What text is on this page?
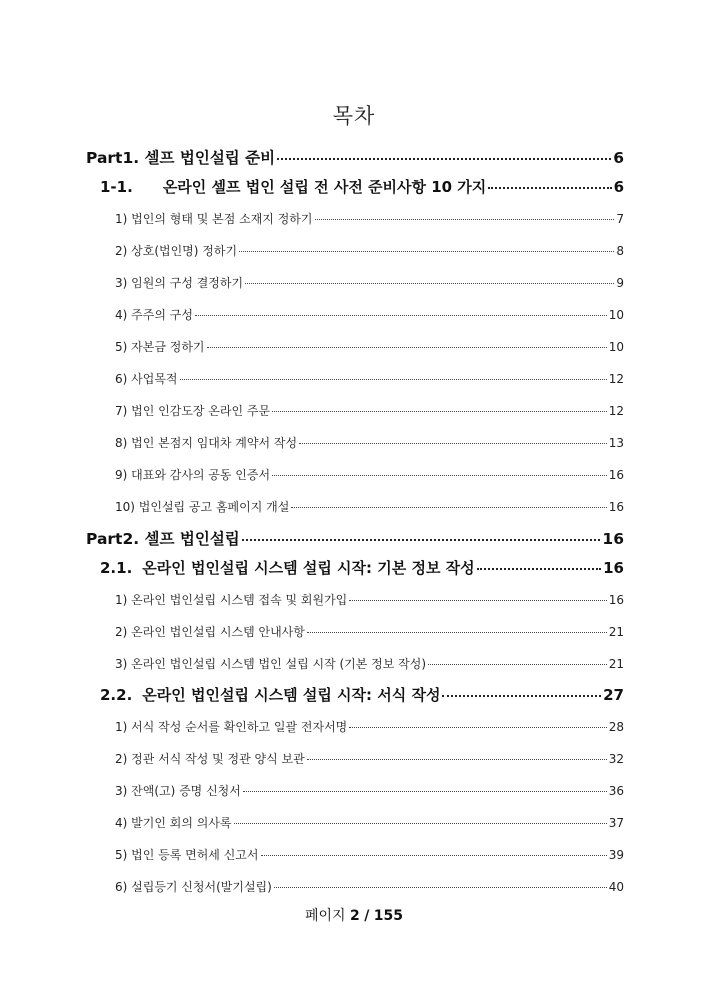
목차
Part1. 셀프 법인설립 준비	6
1-1. 온라인 셀프 법인 설립 전 사전 준비사항 10 가지	6
1) 법인의 형태 및 본점 소재지 정하기	7
2) 상호(법인명) 정하기	8
3) 임원의 구성 결정하기	9
4) 주주의 구성	10
5) 자본금 정하기	10
6) 사업목적	12
7) 법인 인감도장 온라인 주문	12
8) 법인 본점지 임대차 계약서 작성	13
9) 대표와 감사의 공동 인증서	16
10) 법인설립 공고 홈페이지 개설	16
Part2. 셀프 법인설립	16
2.1. 온라인 법인설립 시스템 설립 시작: 기본 정보 작성	16
1) 온라인 법인설립 시스템 접속 및 회원가입	16
2) 온라인 법인설립 시스템 안내사항	21
3) 온라인 법인설립 시스템 법인 설립 시작 (기본 정보 작성)	21
2.2. 온라인 법인설립 시스템 설립 시작: 서식 작성	27
1) 서식 작성 순서를 확인하고 일괄 전자서명	28
2) 정관 서식 작성 및 정관 양식 보관	32
3) 잔액(고) 증명 신청서	36
4) 발기인 회의 의사록	37
5) 법인 등록 면허세 신고서	39
6) 설립등기 신청서(발기설립)	40
페이지 2 / 155
